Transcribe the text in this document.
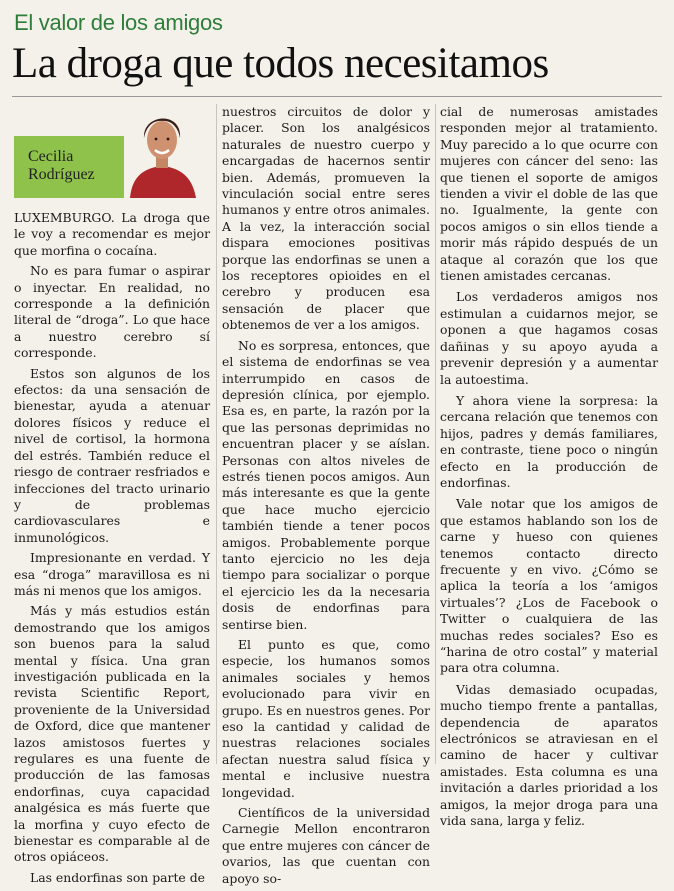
El valor de los amigos
La droga que todos necesitamos
Cecilia
Rodríguez

LUXEMBURGO. La droga que le voy a recomendar es mejor que morfina o cocaína.

No es para fumar o aspirar o inyectar. En realidad, no corresponde a la definición literal de “droga”. Lo que hace a nuestro cerebro sí corresponde.

Estos son algunos de los efectos: da una sensación de bienestar, ayuda a atenuar dolores físicos y reduce el nivel de cortisol, la hormona del estrés. También reduce el riesgo de contraer resfriados e infecciones del tracto urinario y de problemas cardiovasculares e inmunológicos.

Impresionante en verdad. Y esa “droga” maravillosa es ni más ni menos que los amigos.

Más y más estudios están demostrando que los amigos son buenos para la salud mental y física. Una gran investigación publicada en la revista Scientific Report, proveniente de la Universidad de Oxford, dice que mantener lazos amistosos fuertes y regulares es una fuente de producción de las famosas endorfinas, cuya capacidad analgésica es más fuerte que la morfina y cuyo efecto de bienestar es comparable al de otros opiáceos.

Las endorfinas son parte de

nuestros circuitos de dolor y placer. Son los analgésicos naturales de nuestro cuerpo y encargadas de hacernos sentir bien. Además, promueven la vinculación social entre seres humanos y entre otros animales. A la vez, la interacción social dispara emociones positivas porque las endorfinas se unen a los receptores opioides en el cerebro y producen esa sensación de placer que obtenemos de ver a los amigos.

No es sorpresa, entonces, que el sistema de endorfinas se vea interrumpido en casos de depresión clínica, por ejemplo. Esa es, en parte, la razón por la que las personas deprimidas no encuentran placer y se aíslan. Personas con altos niveles de estrés tienen pocos amigos. Aun más interesante es que la gente que hace mucho ejercicio también tiende a tener pocos amigos. Probablemente porque tanto ejercicio no les deja tiempo para socializar o porque el ejercicio les da la necesaria dosis de endorfinas para sentirse bien.

El punto es que, como especie, los humanos somos animales sociales y hemos evolucionado para vivir en grupo. Es en nuestros genes. Por eso la cantidad y calidad de nuestras relaciones sociales afectan nuestra salud física y mental e inclusive nuestra longevidad.

Científicos de la universidad Carnegie Mellon encontraron que entre mujeres con cáncer de ovarios, las que cuentan con apoyo so-

cial de numerosas amistades responden mejor al tratamiento. Muy parecido a lo que ocurre con mujeres con cáncer del seno: las que tienen el soporte de amigos tienden a vivir el doble de las que no. Igualmente, la gente con pocos amigos o sin ellos tiende a morir más rápido después de un ataque al corazón que los que tienen amistades cercanas.

Los verdaderos amigos nos estimulan a cuidarnos mejor, se oponen a que hagamos cosas dañinas y su apoyo ayuda a prevenir depresión y a aumentar la autoestima.

Y ahora viene la sorpresa: la cercana relación que tenemos con hijos, padres y demás familiares, en contraste, tiene poco o ningún efecto en la producción de endorfinas.

Vale notar que los amigos de que estamos hablando son los de carne y hueso con quienes tenemos contacto directo frecuente y en vivo. ¿Cómo se aplica la teoría a los ‘amigos virtuales’? ¿Los de Facebook o Twitter o cualquiera de las muchas redes sociales? Eso es “harina de otro costal” y material para otra columna.

Vidas demasiado ocupadas, mucho tiempo frente a pantallas, dependencia de aparatos electrónicos se atraviesan en el camino de hacer y cultivar amistades. Esta columna es una invitación a darles prioridad a los amigos, la mejor droga para una vida sana, larga y feliz.
